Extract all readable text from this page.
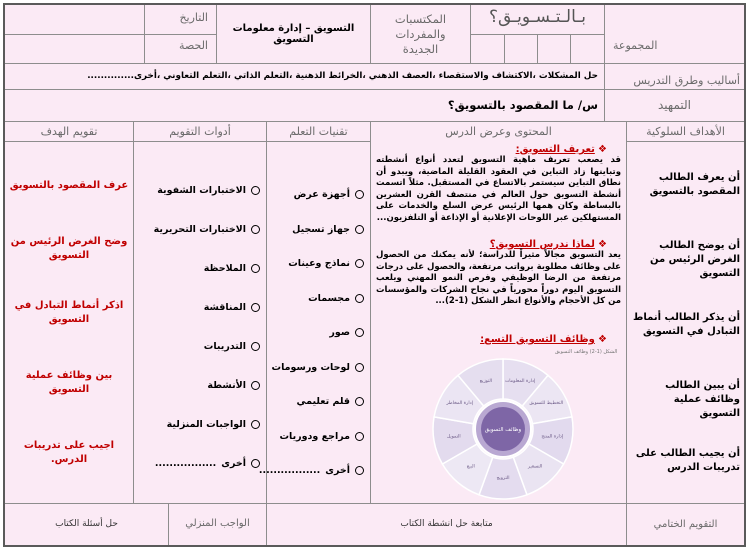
المجموعة
بـالـتـسـويـق؟
المكتسبات والمفردات الجديدة
التسويق – إدارة معلومات التسويق
التاريخ
الحصة
أساليب وطرق التدريس
حل المشكلات ،الاكتشاف والاستقصاء ،العصف الذهني ،الخرائط الذهنية ،التعلم الذاتي ،التعلم التعاوني ،أخرى..............
التمهيد
س/ ما المقصود بالتسويق؟
الأهداف السلوكية
المحتوى وعرض الدرس
تقنيات التعلم
أدوات التقويم
تقويم الهدف
أن يعرف الطالب المقصود بالتسويق
أن يوضح الطالب الغرض الرئيس من التسويق
أن يذكر الطالب أنماط التبادل في التسويق
أن يبين الطالب وظائف عملية التسويق
أن يجيب الطالب على تدريبات الدرس
❖ تعريف التسويق:
قد يصعب تعريف ماهية التسويق لتعدد أنواع أنشطته وتباينها زاد التباين في العقود القليلة الماضية، ويبدو أن نطاق التباين سيستمر بالاتساع في المستقبل. مثلاً اتسمت أنشطة التسويق حول العالم في منتصف القرن العشرين بالبساطة وكان همها الرئيس عرض السلع والخدمات على المستهلكين عبر اللوحات الإعلانية أو الإذاعة أو التلفزيون...
❖ لماذا ندرس التسويق؟
يعد التسويق مجالاً مثيراً للدراسة؛ لأنه يمكنك من الحصول على وظائف مطلوبة برواتب مرتفعة، والحصول على درجات مرتفعة من الرضا الوظيفي وفرص النمو المهني ويلعب التسويق اليوم دوراً محورياً في نجاح الشركات والمؤسسات من كل الأحجام والأنواع انظر الشكل (1-2)...
❖ وظائف التسويق التسع:
إدارة المعلومات
التخطيط للتسويق
إدارة المنتج
التسعير
الترويج
البيع
التمويل
إدارة المخاطر
التوزيع
وظائف التسويق
الشكل (1-2) وظائف التسويق
أجهزة عرض
جهاز تسجيل
نماذج وعينات
مجسمات
صور
لوحات ورسومات
قلم تعليمي
مراجع ودوريات
أخرى
.................
الاختبارات الشفوية
الاختبارات التحريرية
الملاحظة
المناقشة
التدريبات
الأنشطة
الواجبات المنزلية
أخرى
.................
عرف المقصود بالتسويق
وضح الغرض الرئيس من التسويق
اذكر أنماط التبادل في التسويق
بين وظائف عملية التسويق
اجيب على تدريبات الدرس.
التقويم الختامي
متابعة حل انشطة الكتاب
الواجب المنزلي
حل أسئلة الكتاب
